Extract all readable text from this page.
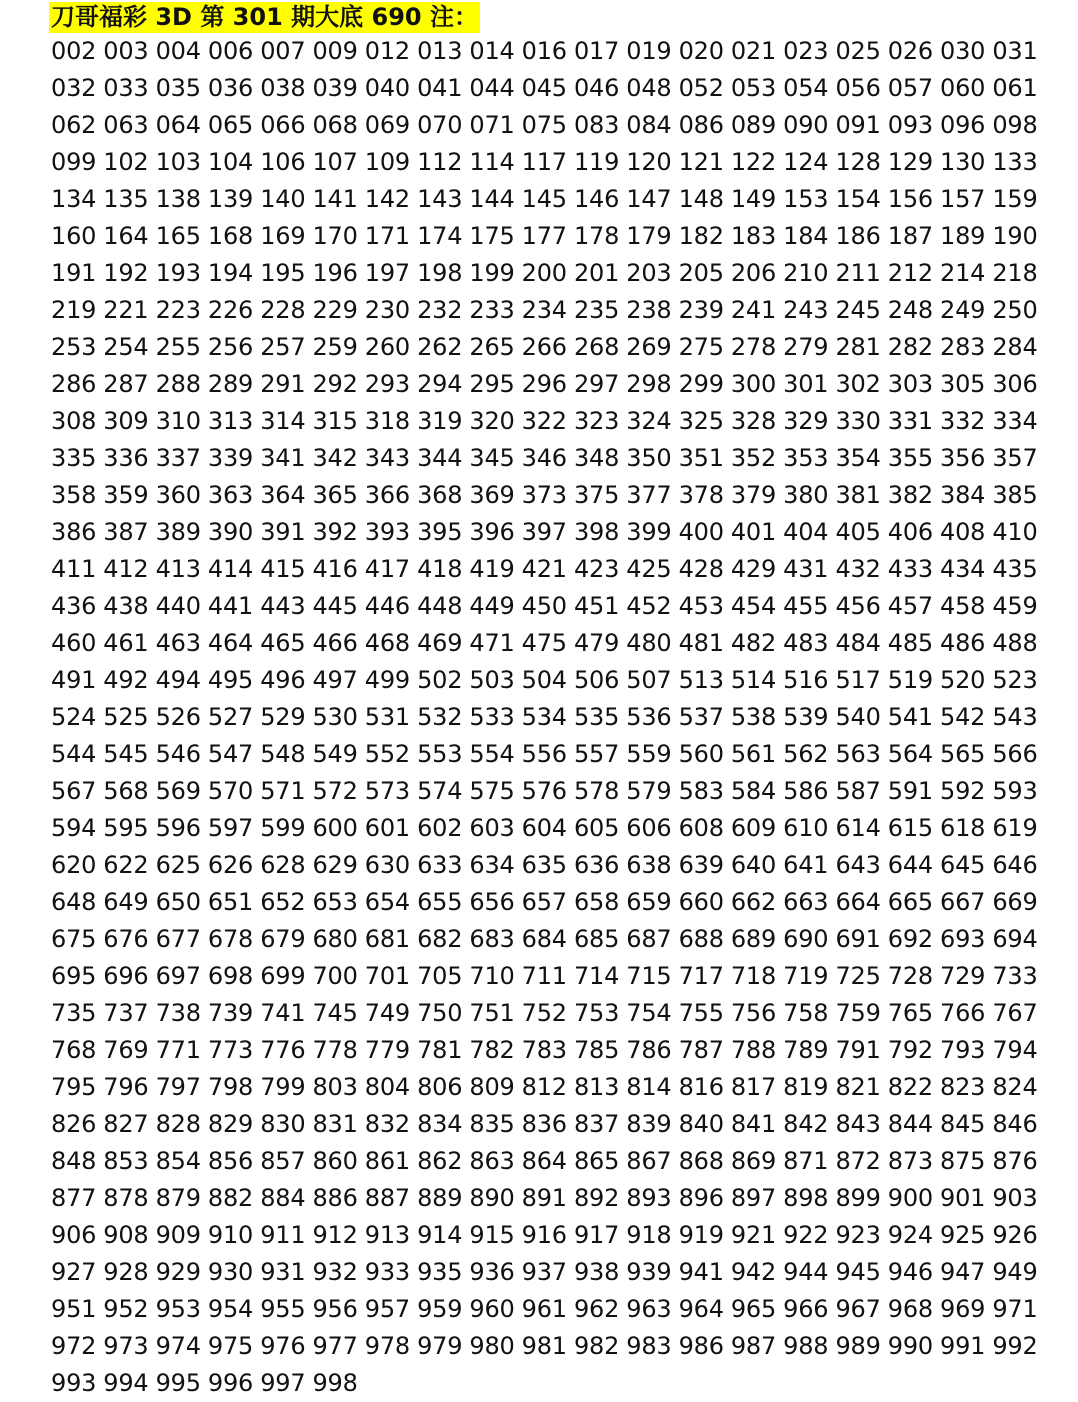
刀哥福彩 3D 第 301 期大底 690 注：
002 003 004 006 007 009 012 013 014 016 017 019 020 021 023 025 026 030 031
032 033 035 036 038 039 040 041 044 045 046 048 052 053 054 056 057 060 061
062 063 064 065 066 068 069 070 071 075 083 084 086 089 090 091 093 096 098
099 102 103 104 106 107 109 112 114 117 119 120 121 122 124 128 129 130 133
134 135 138 139 140 141 142 143 144 145 146 147 148 149 153 154 156 157 159
160 164 165 168 169 170 171 174 175 177 178 179 182 183 184 186 187 189 190
191 192 193 194 195 196 197 198 199 200 201 203 205 206 210 211 212 214 218
219 221 223 226 228 229 230 232 233 234 235 238 239 241 243 245 248 249 250
253 254 255 256 257 259 260 262 265 266 268 269 275 278 279 281 282 283 284
286 287 288 289 291 292 293 294 295 296 297 298 299 300 301 302 303 305 306
308 309 310 313 314 315 318 319 320 322 323 324 325 328 329 330 331 332 334
335 336 337 339 341 342 343 344 345 346 348 350 351 352 353 354 355 356 357
358 359 360 363 364 365 366 368 369 373 375 377 378 379 380 381 382 384 385
386 387 389 390 391 392 393 395 396 397 398 399 400 401 404 405 406 408 410
411 412 413 414 415 416 417 418 419 421 423 425 428 429 431 432 433 434 435
436 438 440 441 443 445 446 448 449 450 451 452 453 454 455 456 457 458 459
460 461 463 464 465 466 468 469 471 475 479 480 481 482 483 484 485 486 488
491 492 494 495 496 497 499 502 503 504 506 507 513 514 516 517 519 520 523
524 525 526 527 529 530 531 532 533 534 535 536 537 538 539 540 541 542 543
544 545 546 547 548 549 552 553 554 556 557 559 560 561 562 563 564 565 566
567 568 569 570 571 572 573 574 575 576 578 579 583 584 586 587 591 592 593
594 595 596 597 599 600 601 602 603 604 605 606 608 609 610 614 615 618 619
620 622 625 626 628 629 630 633 634 635 636 638 639 640 641 643 644 645 646
648 649 650 651 652 653 654 655 656 657 658 659 660 662 663 664 665 667 669
675 676 677 678 679 680 681 682 683 684 685 687 688 689 690 691 692 693 694
695 696 697 698 699 700 701 705 710 711 714 715 717 718 719 725 728 729 733
735 737 738 739 741 745 749 750 751 752 753 754 755 756 758 759 765 766 767
768 769 771 773 776 778 779 781 782 783 785 786 787 788 789 791 792 793 794
795 796 797 798 799 803 804 806 809 812 813 814 816 817 819 821 822 823 824
826 827 828 829 830 831 832 834 835 836 837 839 840 841 842 843 844 845 846
848 853 854 856 857 860 861 862 863 864 865 867 868 869 871 872 873 875 876
877 878 879 882 884 886 887 889 890 891 892 893 896 897 898 899 900 901 903
906 908 909 910 911 912 913 914 915 916 917 918 919 921 922 923 924 925 926
927 928 929 930 931 932 933 935 936 937 938 939 941 942 944 945 946 947 949
951 952 953 954 955 956 957 959 960 961 962 963 964 965 966 967 968 969 971
972 973 974 975 976 977 978 979 980 981 982 983 986 987 988 989 990 991 992
993 994 995 996 997 998
